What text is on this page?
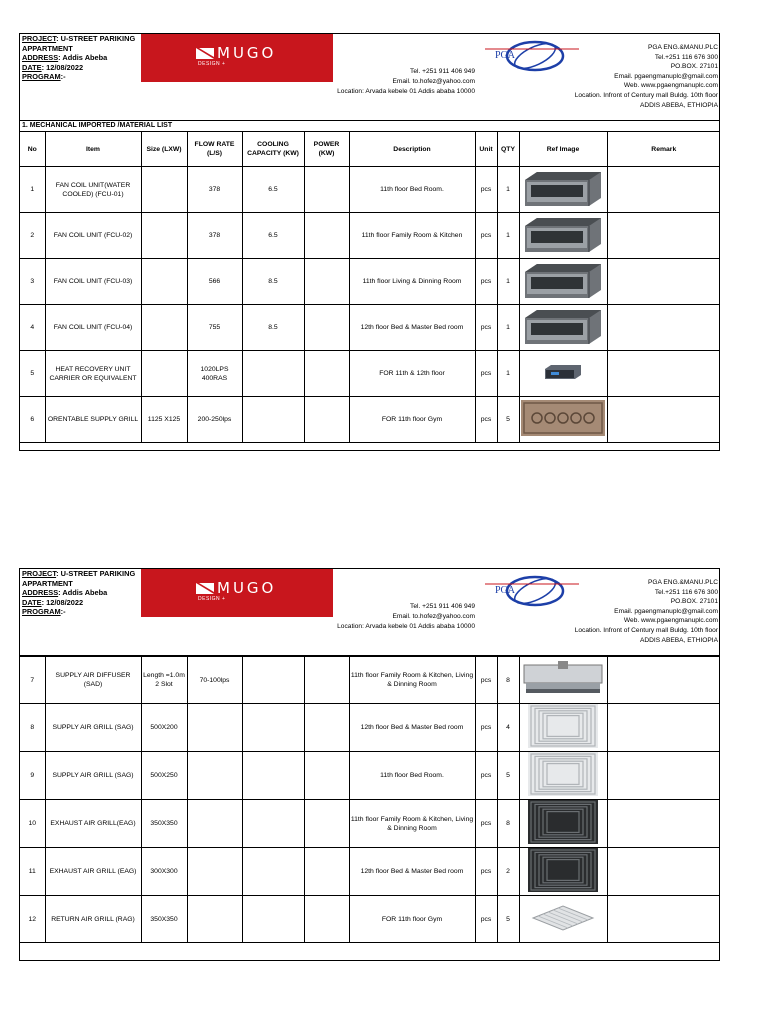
PROJECT: U-STREET PARIKING APPARTMENT
ADDRESS: Addis Abeba
DATE: 12/08/2022
PROGRAM:-
MUGO
DESIGN +
Tel. +251 911 406 949
Email. to.hofez@yahoo.com
Location: Arvada kebele 01 Addis ababa 10000
PGA
PGA ENG.&MANU.PLC
Tel.+251 116 676 300
PO.BOX. 27101
Email. pgaengmanuplc@gmail.com
Web. www.pgaengmanuplc.com
Location. Infront of Century mall Buldg. 10th floor
ADDIS ABEBA, ETHIOPIA
1. MECHANICAL IMPORTED /MATERIAL LIST
No	Item	Size (LXW)	FLOW RATE (L/S)	COOLING CAPACITY (KW)	POWER (KW)	Description	Unit	QTY	Ref Image	Remark
1	FAN COIL UNIT(WATER COOLED) (FCU-01)		378	6.5		11th floor Bed Room.	pcs	1	

2	FAN COIL UNIT (FCU-02)		378	6.5		11th floor Family Room & Kitchen	pcs	1	

3	FAN COIL UNIT (FCU-03)		566	8.5		11th floor Living & Dinning Room	pcs	1	

4	FAN COIL UNIT (FCU-04)		755	8.5		12th floor Bed & Master Bed room	pcs	1	

5	HEAT RECOVERY UNIT CARRIER OR EQUIVALENT		1020LPS 400RAS			FOR 11th & 12th floor	pcs	1	

6	ORENTABLE SUPPLY GRILL	1125 X125	200-250lps			FOR 11th floor Gym	pcs	5	

PROJECT: U-STREET PARIKING APPARTMENT
ADDRESS: Addis Abeba
DATE: 12/08/2022
PROGRAM:-
MUGO
DESIGN +
Tel. +251 911 406 949
Email. to.hofez@yahoo.com
Location: Arvada kebele 01 Addis ababa 10000
PGA
PGA ENG.&MANU.PLC
Tel.+251 116 676 300
PO.BOX. 27101
Email. pgaengmanuplc@gmail.com
Web. www.pgaengmanuplc.com
Location. Infront of Century mall Buldg. 10th floor
ADDIS ABEBA, ETHIOPIA
7	SUPPLY AIR DIFFUSER (SAD)	Length =1.0m 2 Slot	70-100lps			11th floor Family Room & Kitchen, Living & Dinning Room	pcs	8	

8	SUPPLY AIR GRILL (SAG)	500X200				12th floor Bed & Master Bed room	pcs	4	

9	SUPPLY AIR GRILL (SAG)	500X250				11th floor Bed Room.	pcs	5	

10	EXHAUST AIR GRILL(EAG)	350X350				11th floor Family Room & Kitchen, Living & Dinning Room	pcs	8	

11	EXHAUST AIR GRILL (EAG)	300X300				12th floor Bed & Master Bed room	pcs	2	

12	RETURN AIR GRILL (RAG)	350X350				FOR 11th floor Gym	pcs	5	
